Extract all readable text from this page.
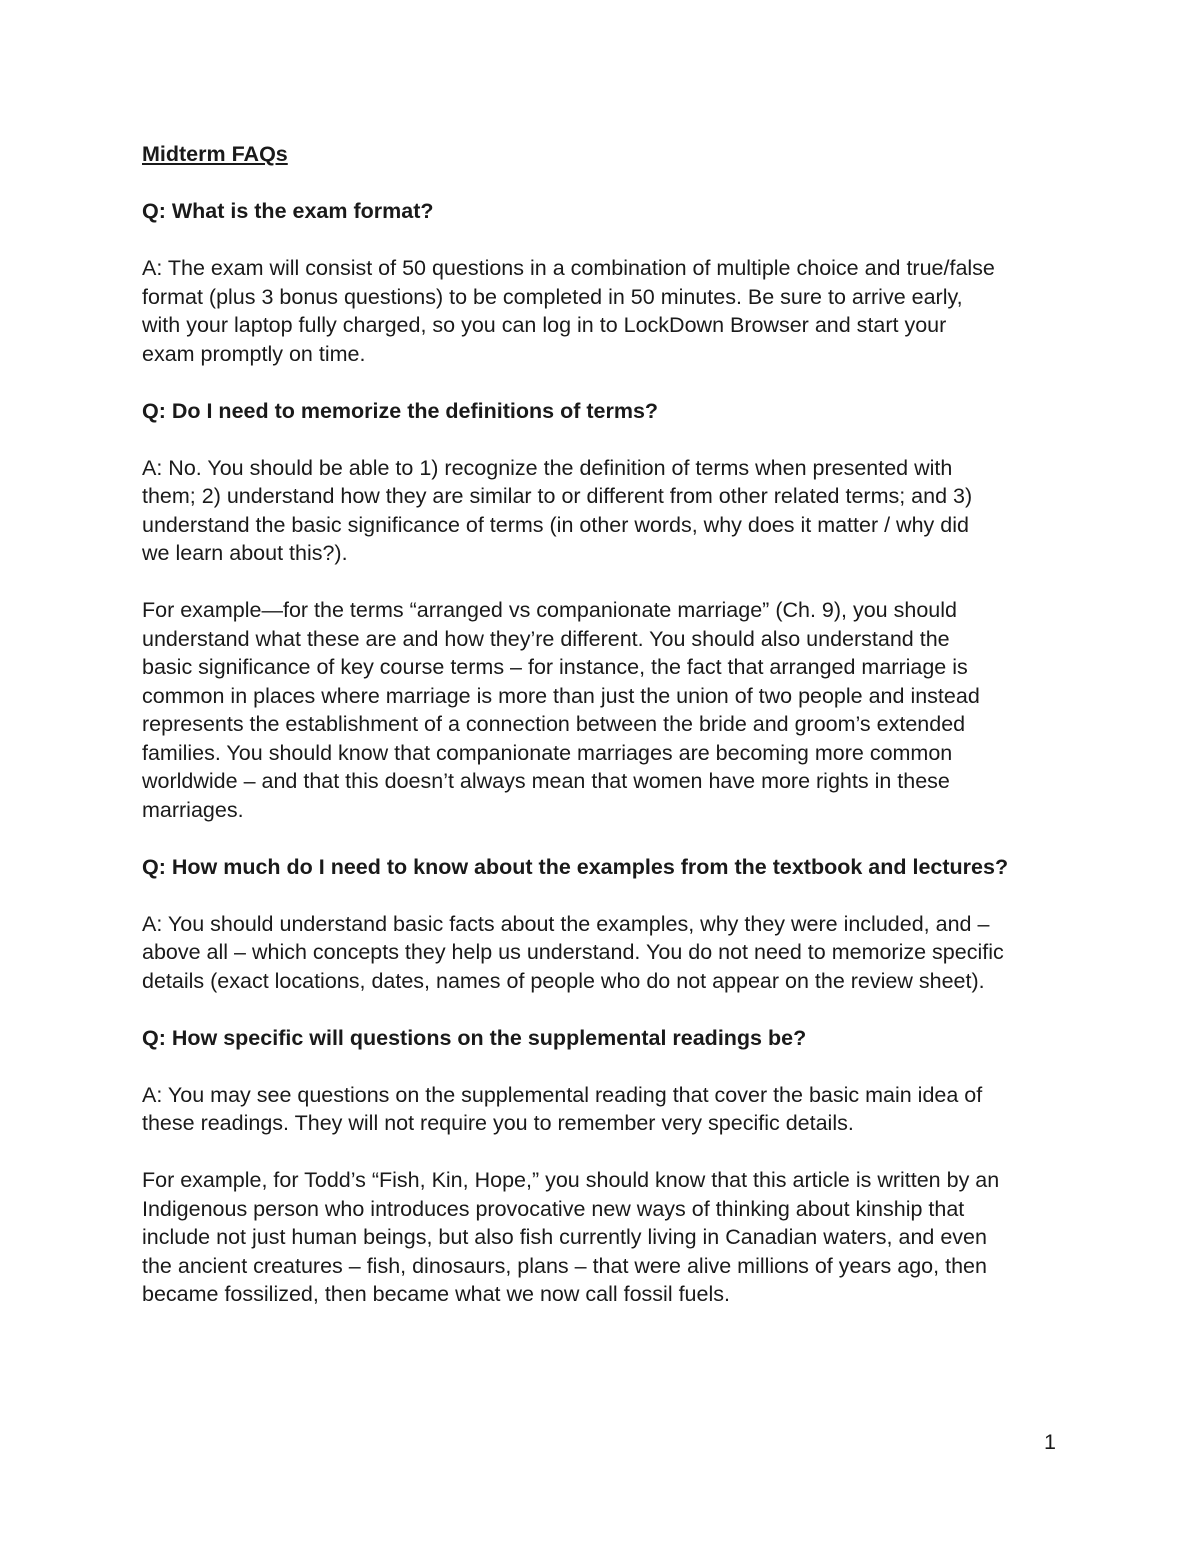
Midterm FAQs
Q: What is the exam format?
A: The exam will consist of 50 questions in a combination of multiple choice and true/false
format (plus 3 bonus questions) to be completed in 50 minutes. Be sure to arrive early,
with your laptop fully charged, so you can log in to LockDown Browser and start your
exam promptly on time.
Q: Do I need to memorize the definitions of terms?
A: No. You should be able to 1) recognize the definition of terms when presented with
them; 2) understand how they are similar to or different from other related terms; and 3)
understand the basic significance of terms (in other words, why does it matter / why did
we learn about this?).
For example—for the terms “arranged vs companionate marriage” (Ch. 9), you should
understand what these are and how they’re different. You should also understand the
basic significance of key course terms – for instance, the fact that arranged marriage is
common in places where marriage is more than just the union of two people and instead
represents the establishment of a connection between the bride and groom’s extended
families. You should know that companionate marriages are becoming more common
worldwide – and that this doesn’t always mean that women have more rights in these
marriages.
Q: How much do I need to know about the examples from the textbook and lectures?
A: You should understand basic facts about the examples, why they were included, and –
above all – which concepts they help us understand. You do not need to memorize specific
details (exact locations, dates, names of people who do not appear on the review sheet).
Q: How specific will questions on the supplemental readings be?
A: You may see questions on the supplemental reading that cover the basic main idea of
these readings. They will not require you to remember very specific details.
For example, for Todd’s “Fish, Kin, Hope,” you should know that this article is written by an
Indigenous person who introduces provocative new ways of thinking about kinship that
include not just human beings, but also fish currently living in Canadian waters, and even
the ancient creatures – fish, dinosaurs, plans – that were alive millions of years ago, then
became fossilized, then became what we now call fossil fuels.
1
